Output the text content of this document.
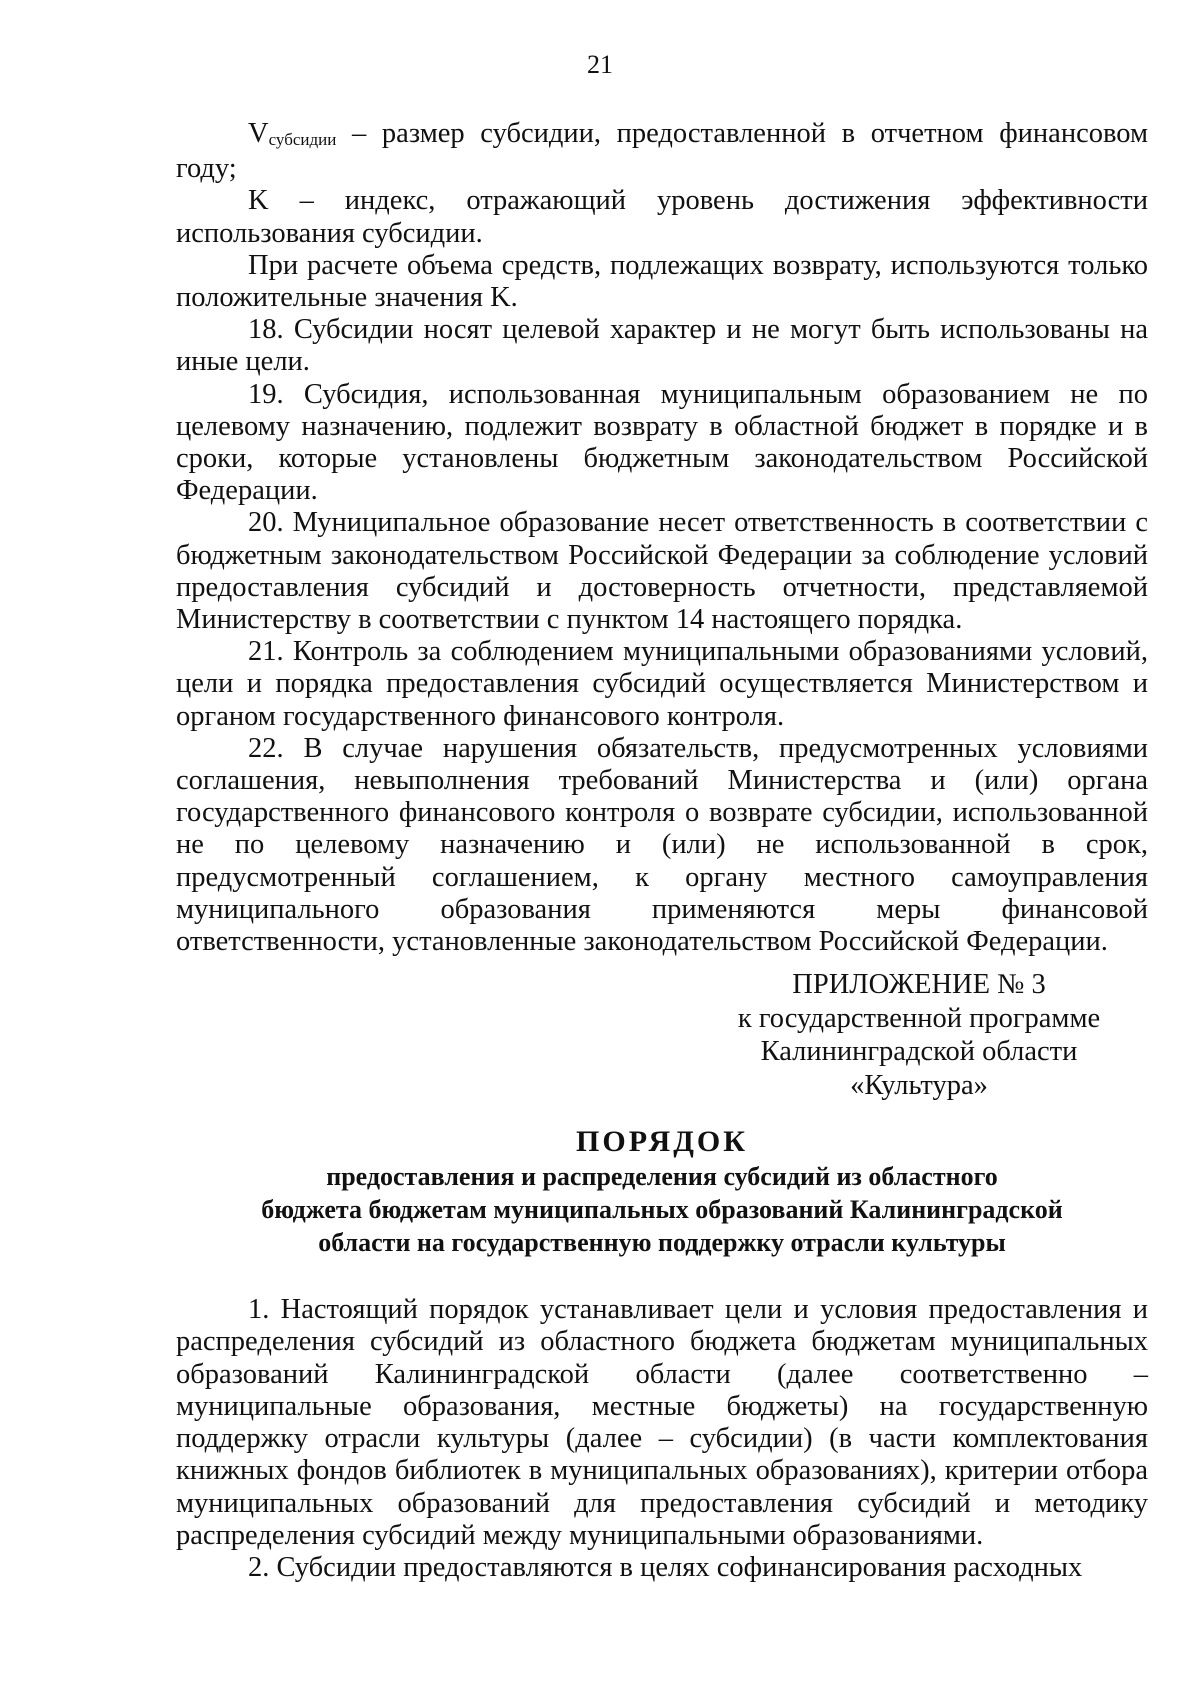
21

Vсубсидии – размер субсидии, предоставленной в отчетном финансовом году;

K – индекс, отражающий уровень достижения эффективности использования субсидии.

При расчете объема средств, подлежащих возврату, используются только положительные значения K.

18. Субсидии носят целевой характер и не могут быть использованы на иные цели.

19. Субсидия, использованная муниципальным образованием не по целевому назначению, подлежит возврату в областной бюджет в порядке и в сроки, которые установлены бюджетным законодательством Российской Федерации.

20. Муниципальное образование несет ответственность в соответствии с бюджетным законодательством Российской Федерации за соблюдение условий предоставления субсидий и достоверность отчетности, представляемой Министерству в соответствии с пунктом 14 настоящего порядка.

21. Контроль за соблюдением муниципальными образованиями условий, цели и порядка предоставления субсидий осуществляется Министерством и органом государственного финансового контроля.

22. В случае нарушения обязательств, предусмотренных условиями соглашения, невыполнения требований Министерства и (или) органа государственного финансового контроля о возврате субсидии, использованной не по целевому назначению и (или) не использованной в срок, предусмотренный соглашением, к органу местного самоуправления муниципального образования применяются меры финансовой ответственности, установленные законодательством Российской Федерации.

ПРИЛОЖЕНИЕ № 3
к государственной программе
Калининградской области
«Культура»
ПОРЯДОК
предоставления и распределения субсидий из областного
бюджета бюджетам муниципальных образований Калининградской
области на государственную поддержку отрасли культуры

1. Настоящий порядок устанавливает цели и условия предоставления и распределения субсидий из областного бюджета бюджетам муниципальных образований Калининградской области (далее соответственно – муниципальные образования, местные бюджеты) на государственную поддержку отрасли культуры (далее – субсидии) (в части комплектования книжных фондов библиотек в муниципальных образованиях), критерии отбора муниципальных образований для предоставления субсидий и методику распределения субсидий между муниципальными образованиями.

2. Субсидии предоставляются в целях софинансирования расходных
